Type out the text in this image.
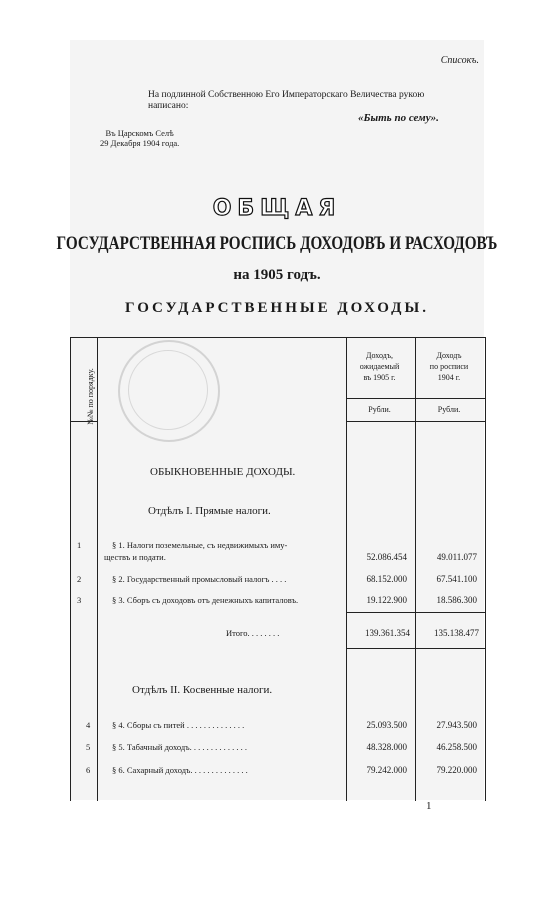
Списокъ.
На подлинной Собственною Его Императорскаго Величества рукою
написано:
Въ Царскомъ Селѣ
29 Декабря 1904 года.
«Быть по сему».
ОБЩАЯ
ГОСУДАРСТВЕННАЯ РОСПИСЬ ДОХОДОВЪ И РАСХОДОВЪ
на 1905 годъ.
ГОСУДАРСТВЕННЫЕ ДОХОДЫ.
№№ по порядку.
Доходъ,
ожидаемый
въ 1905 г.
Доходъ
по росписи
1904 г.
Рубли.	Рубли.
ОБЫКНОВЕННЫЕ ДОХОДЫ.
Отдѣлъ I. Прямые налоги.
1	§ 1. Налоги поземельные, съ недвижимыхъ иму-
ществъ и подати.	52.086.454	49.011.077
2	§ 2. Государственный промысловый налогъ . . . .	68.152.000	67.541.100
3	§ 3. Сборъ съ доходовъ отъ денежныхъ капиталовъ.	19.122.900	18.586.300
Итого. . . . . . . .	139.361.354	135.138.477
Отдѣлъ II. Косвенные налоги.
4	§ 4. Сборы съ питей . . . . . . . . . . . . . .	25.093.500	27.943.500
5	§ 5. Табачный доходъ. . . . . . . . . . . . . .	48.328.000	46.258.500
6	§ 6. Сахарный доходъ. . . . . . . . . . . . . .	79.242.000	79.220.000
1
